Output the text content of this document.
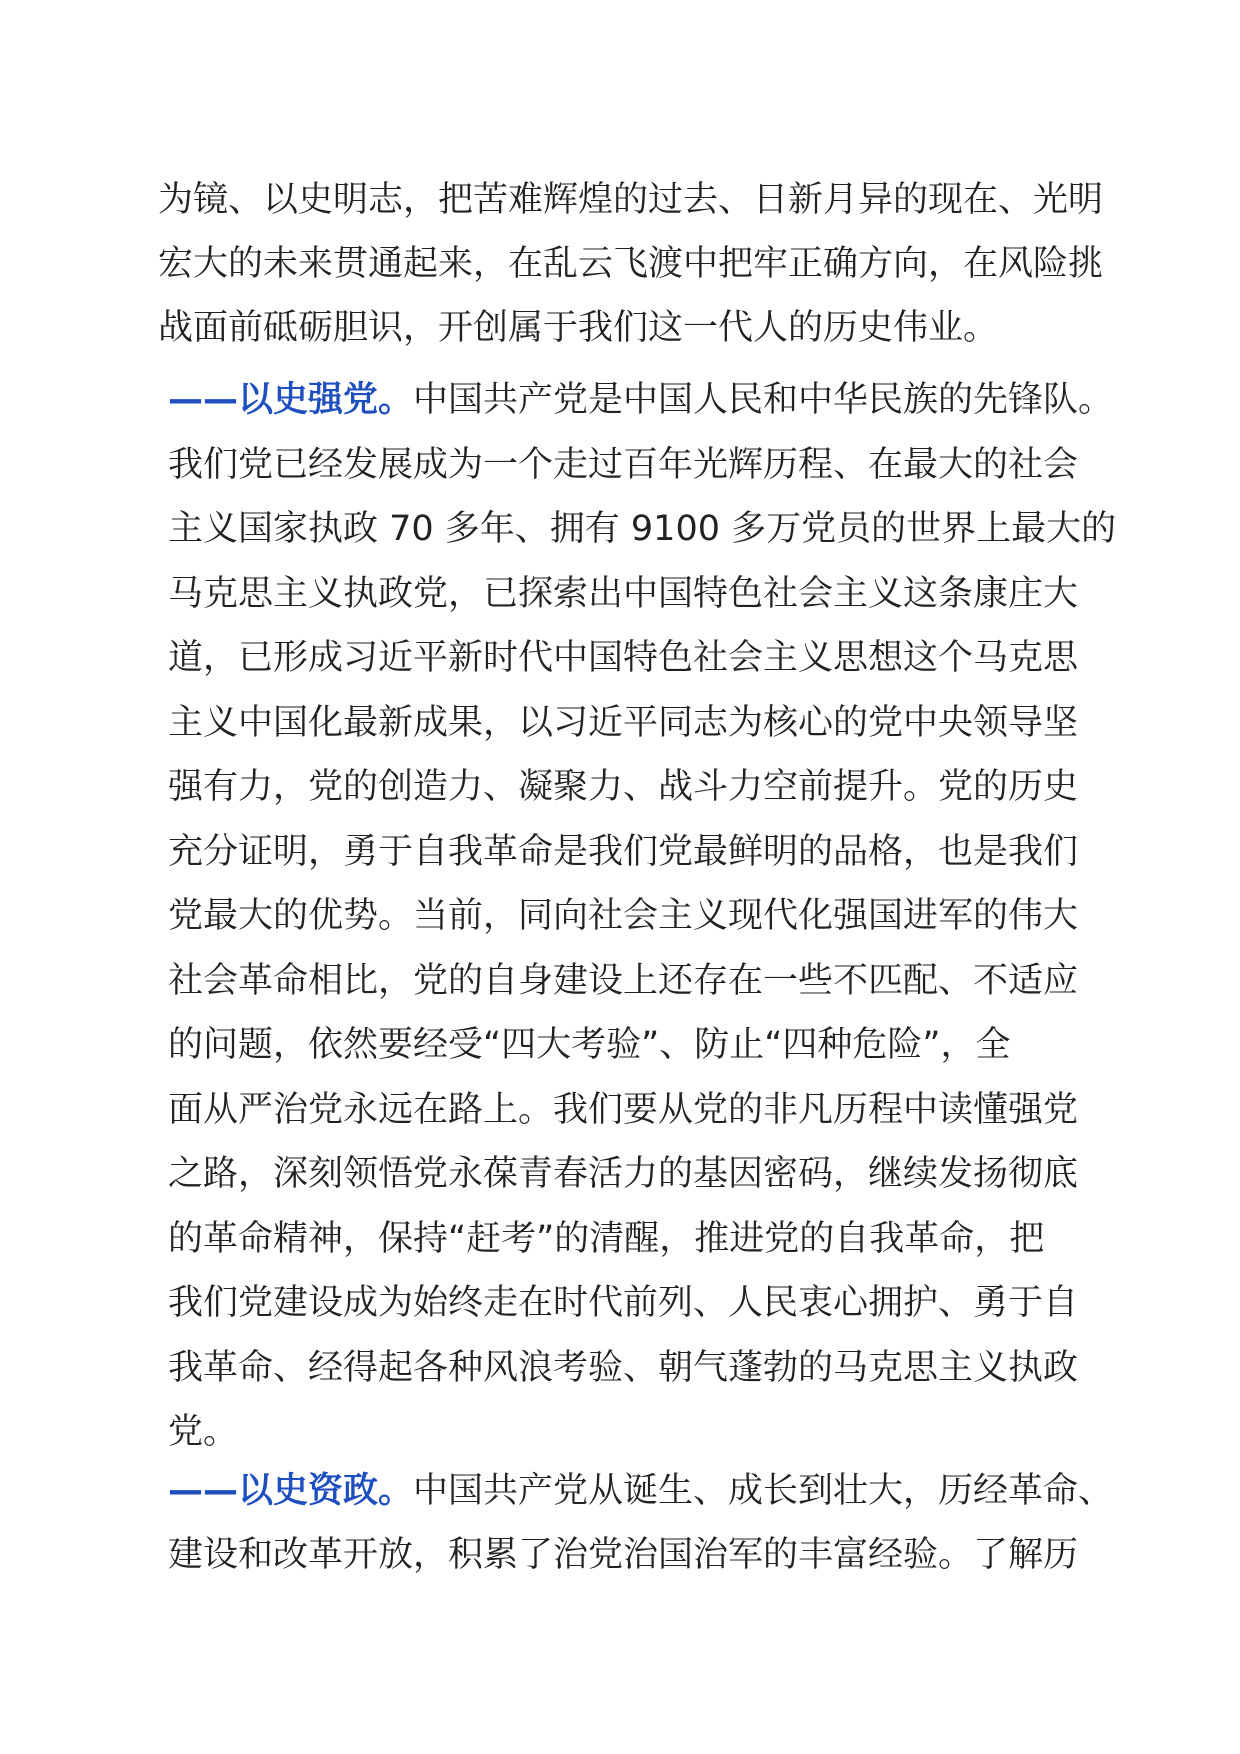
为镜、以史明志，把苦难辉煌的过去、日新月异的现在、光明
宏大的未来贯通起来，在乱云飞渡中把牢正确方向，在风险挑
战面前砥砺胆识，开创属于我们这一代人的历史伟业。
——以史强党。中国共产党是中国人民和中华民族的先锋队。
我们党已经发展成为一个走过百年光辉历程、在最大的社会
主义国家执政 70 多年、拥有 9100 多万党员的世界上最大的
马克思主义执政党，已探索出中国特色社会主义这条康庄大
道，已形成习近平新时代中国特色社会主义思想这个马克思
主义中国化最新成果，以习近平同志为核心的党中央领导坚
强有力，党的创造力、凝聚力、战斗力空前提升。党的历史
充分证明，勇于自我革命是我们党最鲜明的品格，也是我们
党最大的优势。当前，同向社会主义现代化强国进军的伟大
社会革命相比，党的自身建设上还存在一些不匹配、不适应
的问题，依然要经受“四大考验”、防止“四种危险”，全
面从严治党永远在路上。我们要从党的非凡历程中读懂强党
之路，深刻领悟党永葆青春活力的基因密码，继续发扬彻底
的革命精神，保持“赶考”的清醒，推进党的自我革命，把
我们党建设成为始终走在时代前列、人民衷心拥护、勇于自
我革命、经得起各种风浪考验、朝气蓬勃的马克思主义执政
党。
——以史资政。中国共产党从诞生、成长到壮大，历经革命、
建设和改革开放，积累了治党治国治军的丰富经验。了解历
